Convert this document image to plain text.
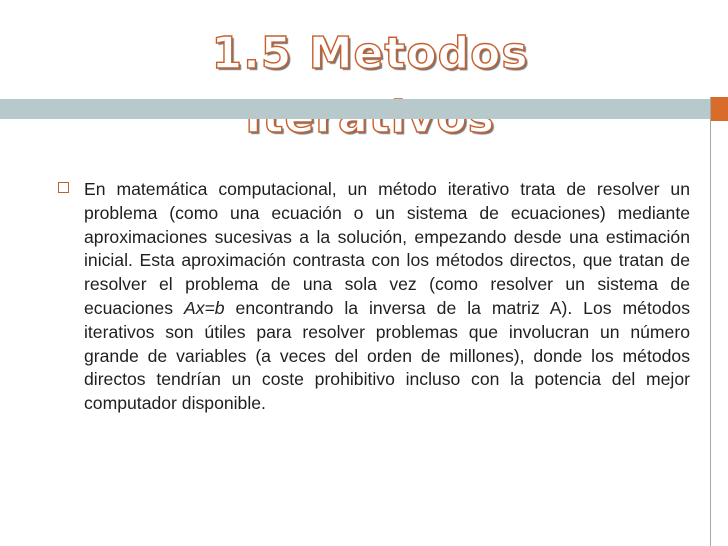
1.5 Metodos

En matemática computacional, un método iterativo trata de resolver un problema (como una ecuación o un sistema de ecuaciones) mediante aproximaciones sucesivas a la solución, empezando desde una estimación inicial. Esta aproximación contrasta con los métodos directos, que tratan de resolver el problema de una sola vez (como resolver un sistema de ecuaciones Ax=b encontrando la inversa de la matriz A). Los métodos iterativos son útiles para resolver problemas que involucran un número grande de variables (a veces del orden de millones), donde los métodos directos tendrían un coste prohibitivo incluso con la potencia del mejor computador disponible.
